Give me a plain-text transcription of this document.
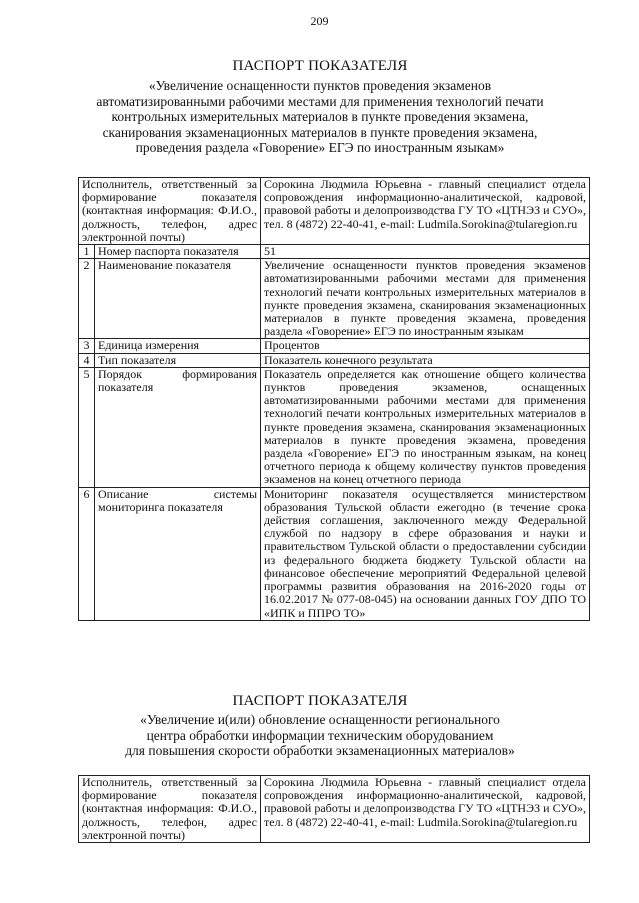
209
ПАСПОРТ ПОКАЗАТЕЛЯ
«Увеличение оснащенности пунктов проведения экзаменов
автоматизированными рабочими местами для применения технологий печати
контрольных измерительных материалов в пункте проведения экзамена,
сканирования экзаменационных материалов в пункте проведения экзамена,
проведения раздела «Говорение» ЕГЭ по иностранным языкам»
Исполнитель, ответственный за формирование показателя (контактная информация: Ф.И.О., должность, телефон, адрес электронной почты)		Сорокина Людмила Юрьевна - главный специалист отдела сопровождения информационно-аналитической, кадровой, правовой работы и делопроизводства ГУ ТО «ЦТНЭЗ и СУО», тел. 8 (4872) 22-40-41, e-mail: Ludmila.Sorokina@tularegion.ru
1	Номер паспорта показателя	51
2	Наименование показателя	Увеличение оснащенности пунктов проведения экзаменов автоматизированными рабочими местами для применения технологий печати контрольных измерительных материалов в пункте проведения экзамена, сканирования экзаменационных материалов в пункте проведения экзамена, проведения раздела «Говорение» ЕГЭ по иностранным языкам
3	Единица измерения	Процентов
4	Тип показателя	Показатель конечного результата
5	Порядок формирования показателя	Показатель определяется как отношение общего количества пунктов проведения экзаменов, оснащенных автоматизированными рабочими местами для применения технологий печати контрольных измерительных материалов в пункте проведения экзамена, сканирования экзаменационных материалов в пункте проведения экзамена, проведения раздела «Говорение» ЕГЭ по иностранным языкам, на конец отчетного периода к общему количеству пунктов проведения экзаменов на конец отчетного периода
6	Описание системы мониторинга показателя	Мониторинг показателя осуществляется министерством образования Тульской области ежегодно (в течение срока действия соглашения, заключенного между Федеральной службой по надзору в сфере образования и науки и правительством Тульской области о предоставлении субсидии из федерального бюджета бюджету Тульской области на финансовое обеспечение мероприятий Федеральной целевой программы развития образования на 2016-2020 годы от 16.02.2017 № 077-08-045) на основании данных ГОУ ДПО ТО «ИПК и ППРО ТО»
ПАСПОРТ ПОКАЗАТЕЛЯ
«Увеличение и(или) обновление оснащенности регионального
центра обработки информации техническим оборудованием
для повышения скорости обработки экзаменационных материалов»
Исполнитель, ответственный за формирование показателя (контактная информация: Ф.И.О., должность, телефон, адрес электронной почты)	Сорокина Людмила Юрьевна - главный специалист отдела сопровождения информационно-аналитической, кадровой, правовой работы и делопроизводства ГУ ТО «ЦТНЭЗ и СУО», тел. 8 (4872) 22-40-41, e-mail: Ludmila.Sorokina@tularegion.ru
